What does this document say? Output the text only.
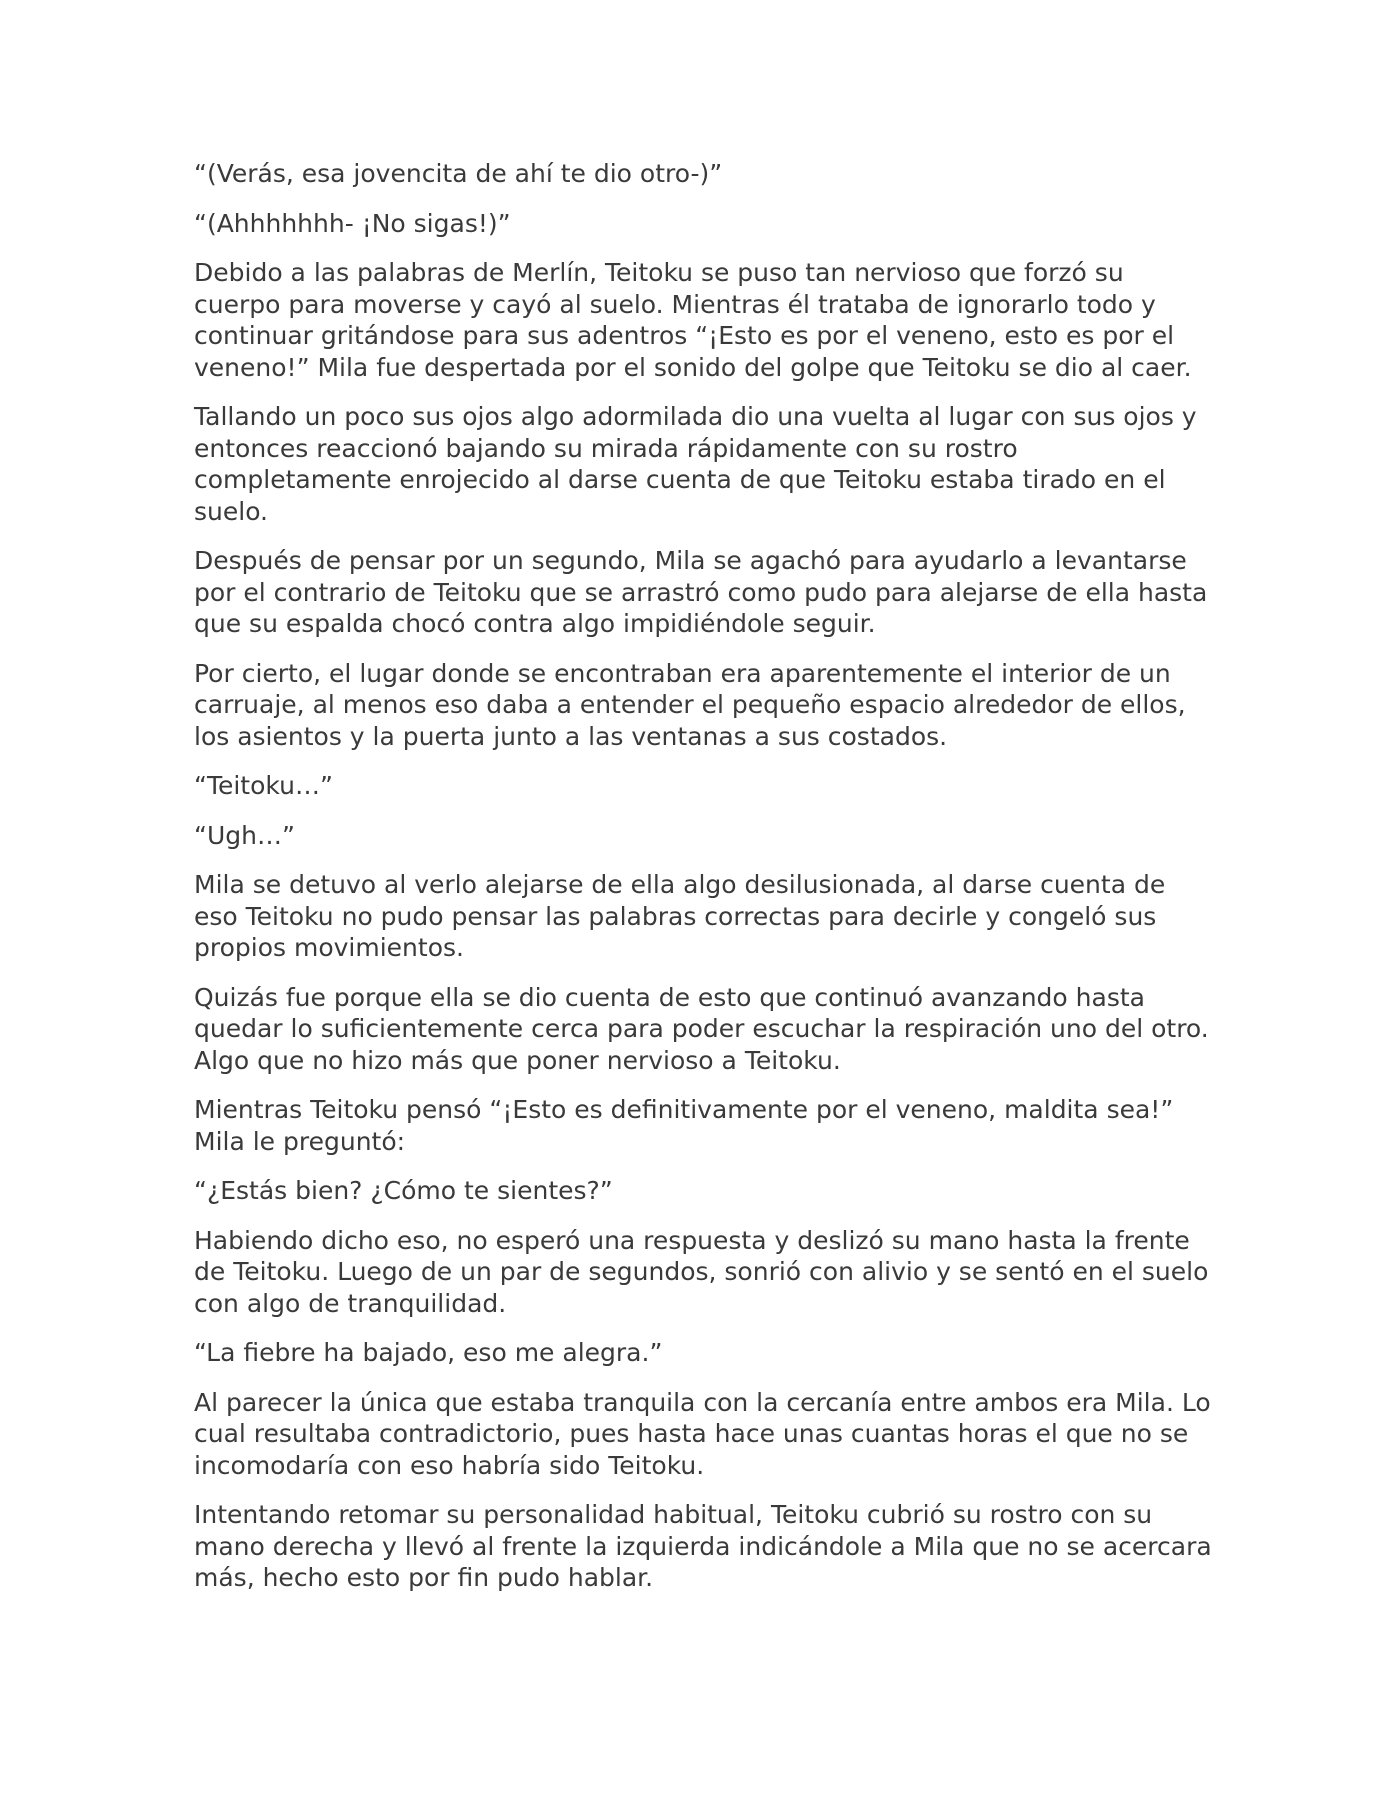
“(Verás, esa jovencita de ahí te dio otro-)”

“(Ahhhhhhh- ¡No sigas!)”

Debido a las palabras de Merlín, Teitoku se puso tan nervioso que forzó su cuerpo para moverse y cayó al suelo. Mientras él trataba de ignorarlo todo y continuar gritándose para sus adentros “¡Esto es por el veneno, esto es por el veneno!” Mila fue despertada por el sonido del golpe que Teitoku se dio al caer.

Tallando un poco sus ojos algo adormilada dio una vuelta al lugar con sus ojos y entonces reaccionó bajando su mirada rápidamente con su rostro completamente enrojecido al darse cuenta de que Teitoku estaba tirado en el suelo.

Después de pensar por un segundo, Mila se agachó para ayudarlo a levantarse por el contrario de Teitoku que se arrastró como pudo para alejarse de ella hasta que su espalda chocó contra algo impidiéndole seguir.

Por cierto, el lugar donde se encontraban era aparentemente el interior de un carruaje, al menos eso daba a entender el pequeño espacio alrededor de ellos, los asientos y la puerta junto a las ventanas a sus costados.

“Teitoku…”

“Ugh…”

Mila se detuvo al verlo alejarse de ella algo desilusionada, al darse cuenta de eso Teitoku no pudo pensar las palabras correctas para decirle y congeló sus propios movimientos.

Quizás fue porque ella se dio cuenta de esto que continuó avanzando hasta quedar lo suficientemente cerca para poder escuchar la respiración uno del otro. Algo que no hizo más que poner nervioso a Teitoku.

Mientras Teitoku pensó “¡Esto es definitivamente por el veneno, maldita sea!” Mila le preguntó:

“¿Estás bien? ¿Cómo te sientes?”

Habiendo dicho eso, no esperó una respuesta y deslizó su mano hasta la frente de Teitoku. Luego de un par de segundos, sonrió con alivio y se sentó en el suelo con algo de tranquilidad.

“La fiebre ha bajado, eso me alegra.”

Al parecer la única que estaba tranquila con la cercanía entre ambos era Mila. Lo cual resultaba contradictorio, pues hasta hace unas cuantas horas el que no se incomodaría con eso habría sido Teitoku.

Intentando retomar su personalidad habitual, Teitoku cubrió su rostro con su mano derecha y llevó al frente la izquierda indicándole a Mila que no se acercara más, hecho esto por fin pudo hablar.
